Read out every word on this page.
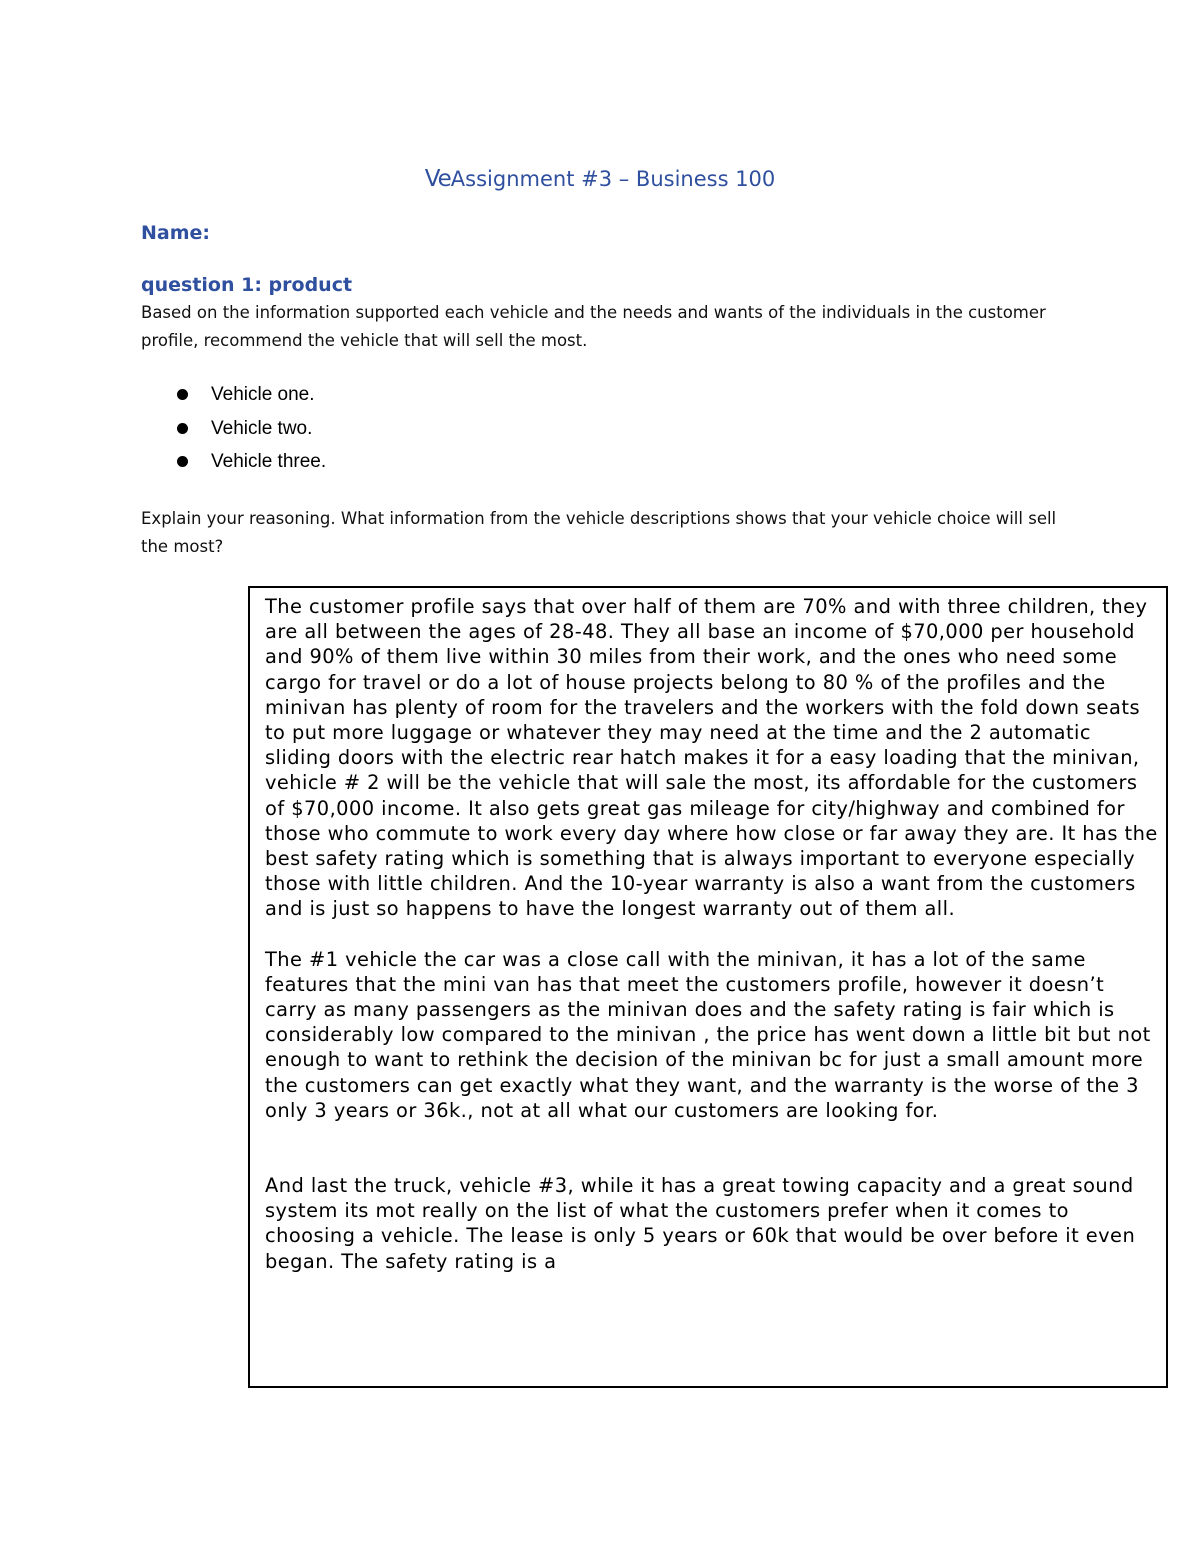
VeAssignment #3 – Business 100
Name:
question 1: product
Based on the information supported each vehicle and the needs and wants of the individuals in the customer profile, recommend the vehicle that will sell the most.
Vehicle one.
Vehicle two.
Vehicle three.
Explain your reasoning. What information from the vehicle descriptions shows that your vehicle choice will sell the most?

The customer profile says that over half of them are 70% and with three children, they are all between the ages of 28-48. They all base an income of $70,000 per household and 90% of them live within 30 miles from their work, and the ones who need some cargo for travel or do a lot of house projects belong to 80 % of the profiles and the minivan has plenty of room for the travelers and the workers with the fold down seats to put more luggage or whatever they may need at the time and the 2 automatic sliding doors with the electric rear hatch makes it for a easy loading that the minivan, vehicle # 2 will be the vehicle that will sale the most, its affordable for the customers of $70,000 income. It also gets great gas mileage for city/highway and combined for those who commute to work every day where how close or far away they are. It has the best safety rating which is something that is always important to everyone especially those with little children. And the 10-year warranty is also a want from the customers and is just so happens to have the longest warranty out of them all.

The #1 vehicle the car was a close call with the minivan, it has a lot of the same features that the mini van has that meet the customers profile, however it doesn’t carry as many passengers as the minivan does and the safety rating is fair which is considerably low compared to the minivan , the price has went down a little bit but not enough to want to rethink the decision of the minivan bc for just a small amount more the customers can get exactly what they want, and the warranty is the worse of the 3 only 3 years or 36k., not at all what our customers are looking for.

And last the truck, vehicle #3, while it has a great towing capacity and a great sound system its mot really on the list of what the customers prefer when it comes to choosing a vehicle. The lease is only 5 years or 60k that would be over before it even began. The safety rating is a
